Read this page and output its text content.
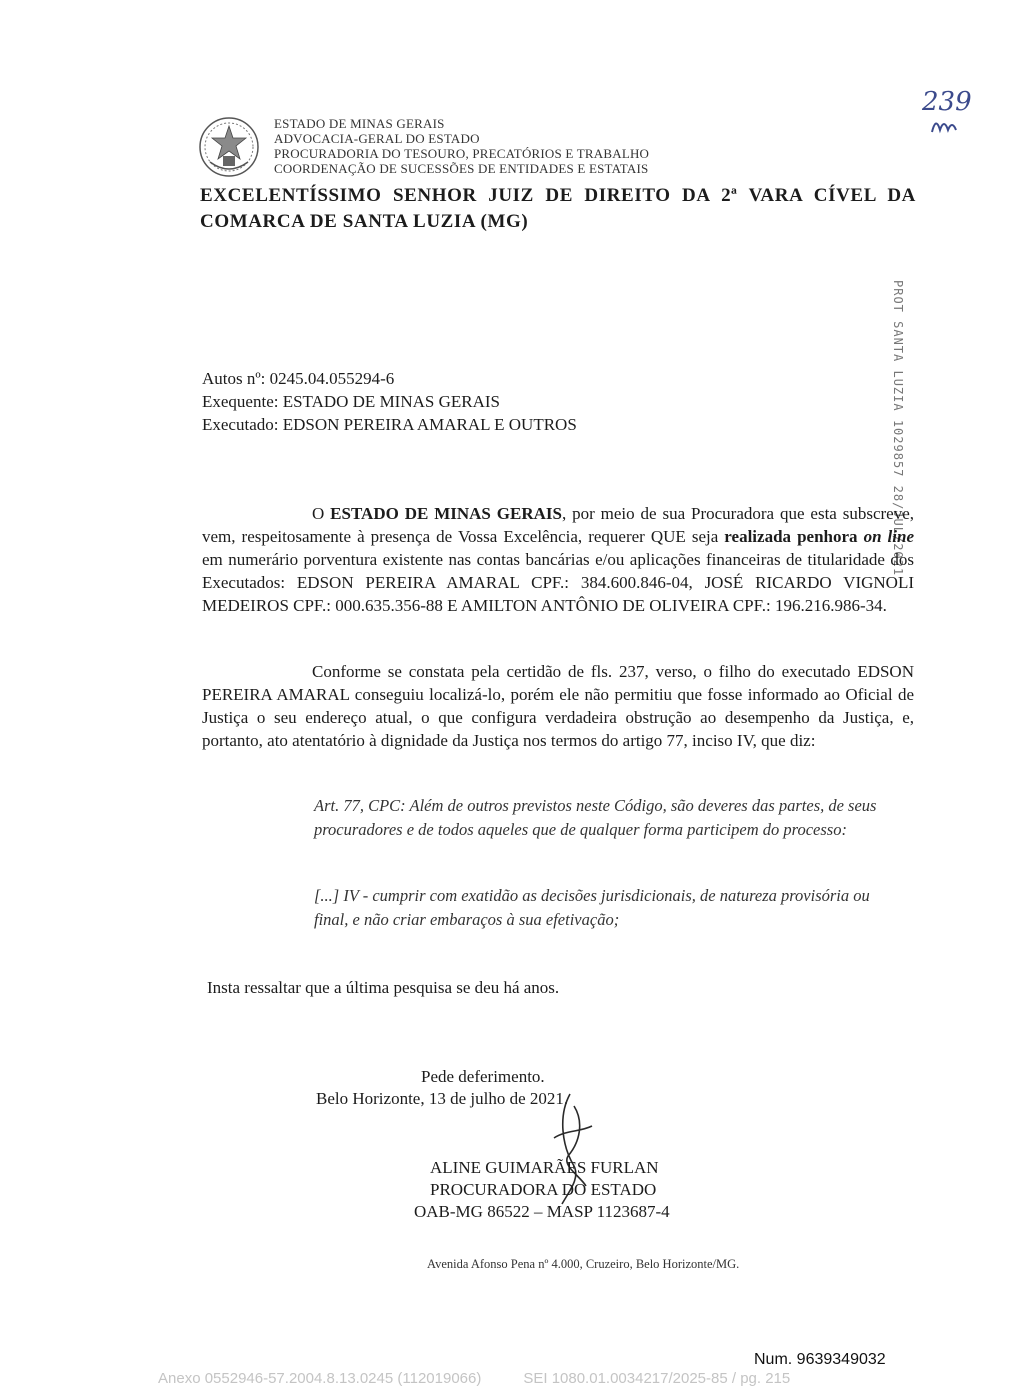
ESTADO DE MINAS GERAIS
ADVOCACIA-GERAL DO ESTADO
PROCURADORIA DO TESOURO, PRECATÓRIOS E TRABALHO
COORDENAÇÃO DE SUCESSÕES DE ENTIDADES E ESTATAIS
239
EXCELENTÍSSIMO SENHOR JUIZ DE DIREITO DA 2ª VARA CÍVEL DA COMARCA DE SANTA LUZIA (MG)
PROT SANTA LUZIA 1029857 28/JUL/2021
Autos nº: 0245.04.055294-6
Exequente: ESTADO DE MINAS GERAIS
Executado: EDSON PEREIRA AMARAL E OUTROS

O ESTADO DE MINAS GERAIS, por meio de sua Procuradora que esta subscreve, vem, respeitosamente à presença de Vossa Excelência, requerer QUE seja realizada penhora on line em numerário porventura existente nas contas bancárias e/ou aplicações financeiras de titularidade dos Executados: EDSON PEREIRA AMARAL CPF.: 384.600.846-04, JOSÉ RICARDO VIGNOLI MEDEIROS CPF.: 000.635.356-88 E AMILTON ANTÔNIO DE OLIVEIRA CPF.: 196.216.986-34.

Conforme se constata pela certidão de fls. 237, verso, o filho do executado EDSON PEREIRA AMARAL conseguiu localizá-lo, porém ele não permitiu que fosse informado ao Oficial de Justiça o seu endereço atual, o que configura verdadeira obstrução ao desempenho da Justiça, e, portanto, ato atentatório à dignidade da Justiça nos termos do artigo 77, inciso IV, que diz:

Art. 77, CPC: Além de outros previstos neste Código, são deveres das partes, de seus procuradores e de todos aqueles que de qualquer forma participem do processo:

[...] IV - cumprir com exatidão as decisões jurisdicionais, de natureza provisória ou final, e não criar embaraços à sua efetivação;

Insta ressaltar que a última pesquisa se deu há anos.
Pede deferimento.
Belo Horizonte, 13 de julho de 2021.
ALINE GUIMARÃES FURLAN
PROCURADORA DO ESTADO
OAB-MG 86522 – MASP 1123687-4
Avenida Afonso Pena nº 4.000, Cruzeiro, Belo Horizonte/MG.
Num. 9639349032
Anexo 0552946-57.2004.8.13.0245 (112019066)	SEI 1080.01.0034217/2025-85 / pg. 215
